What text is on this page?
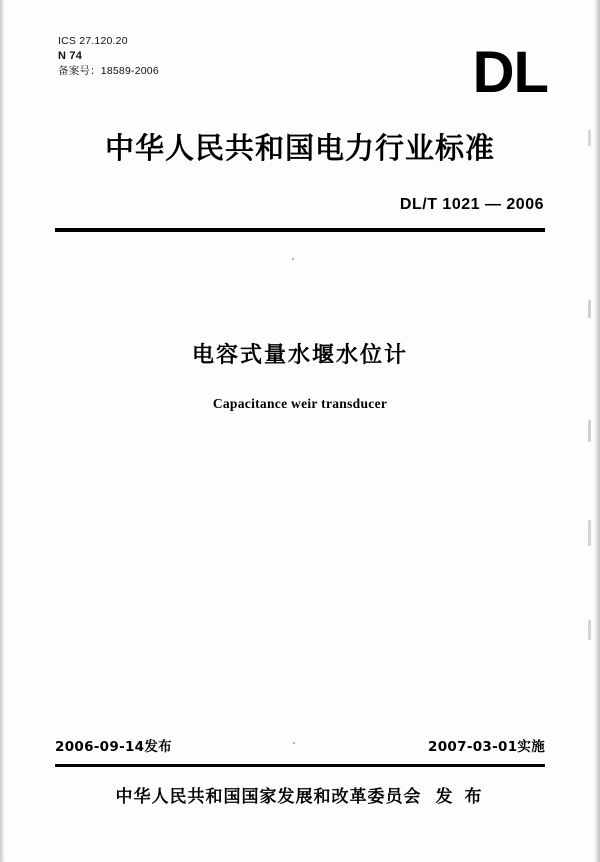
ICS 27.120.20
N 74
备案号：18589-2006	DL
中华人民共和国电力行业标准
DL/T 1021 — 2006
电容式量水堰水位计
Capacitance weir transducer
2006-09-14发布	2007-03-01实施
中华人民共和国国家发展和改革委员会 发 布
